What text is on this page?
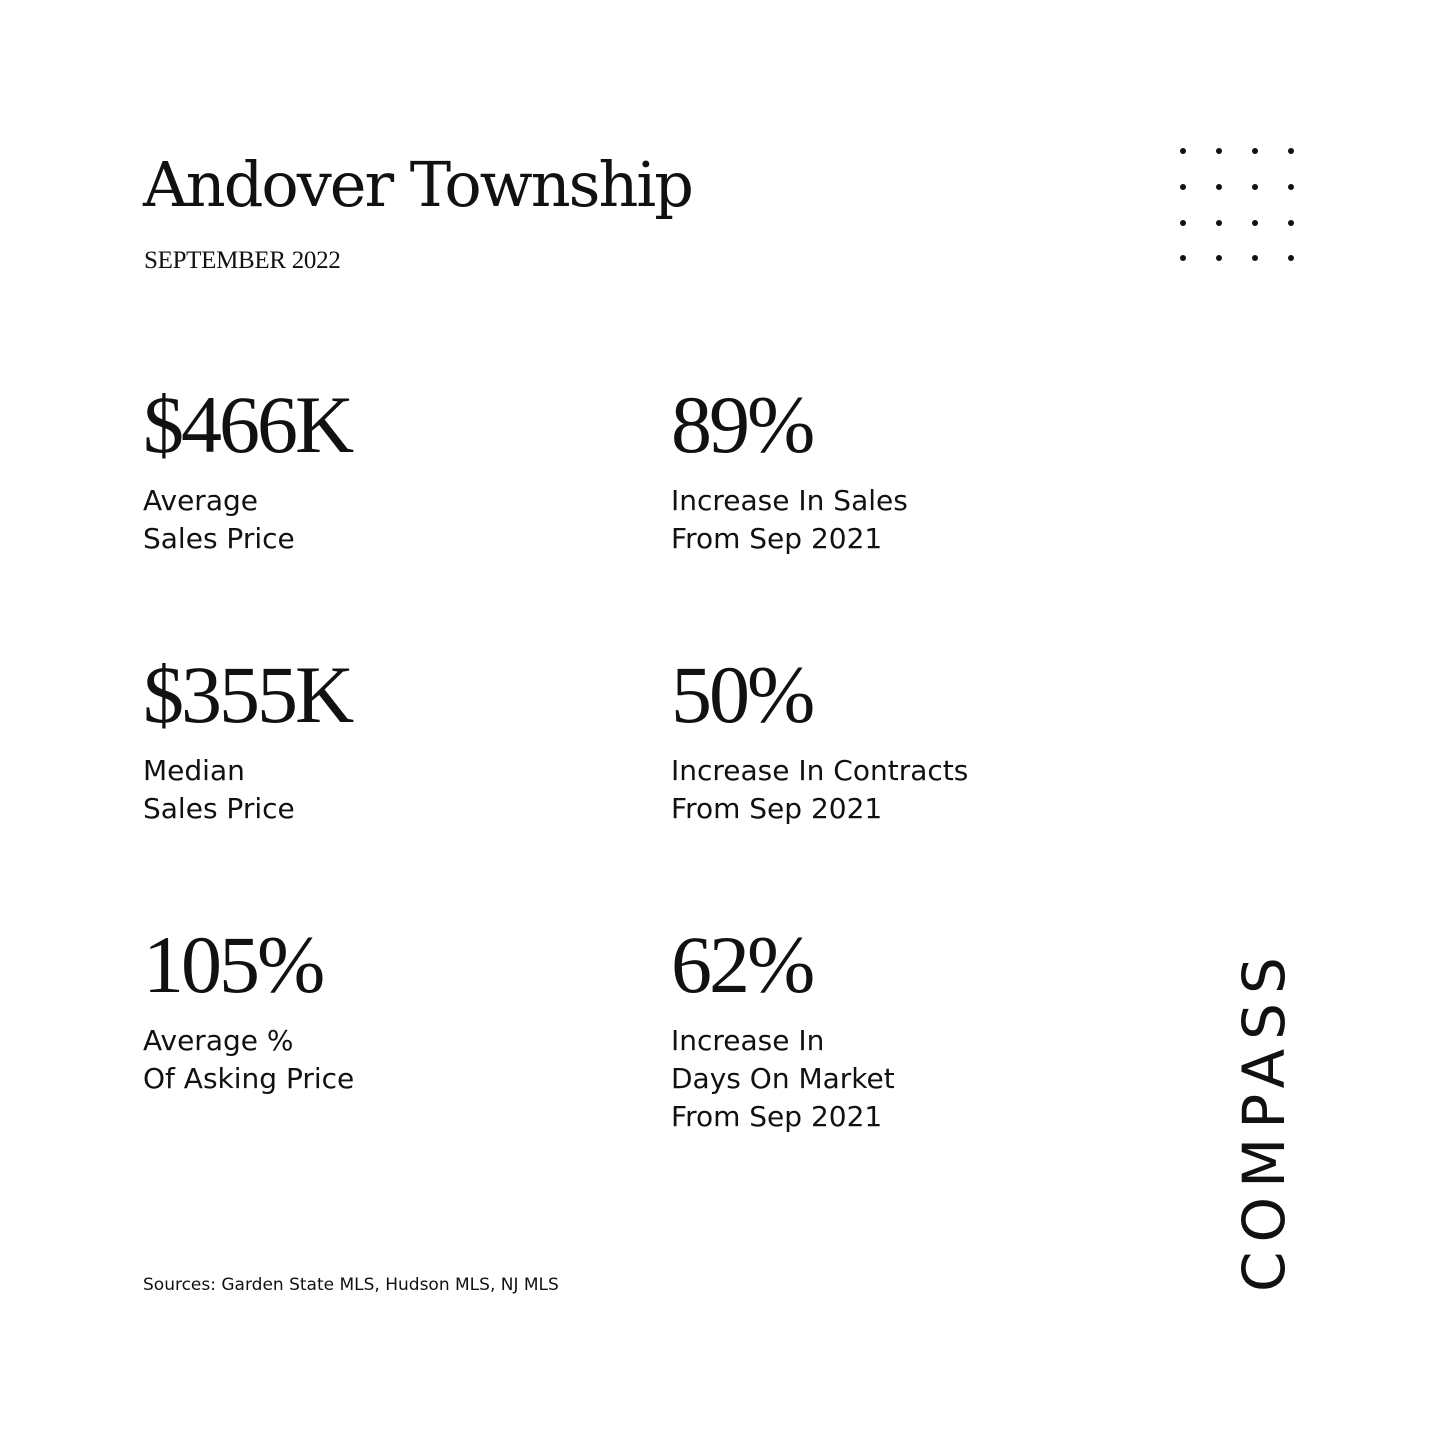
Andover Township
SEPTEMBER 2022
$466K
Average
Sales Price
89%
Increase In Sales
From Sep 2021
$355K
Median
Sales Price
50%
Increase In Contracts
From Sep 2021
105%
Average %
Of Asking Price
62%
Increase In
Days On Market
From Sep 2021
Sources: Garden State MLS, Hudson MLS, NJ MLS	COMPASS
